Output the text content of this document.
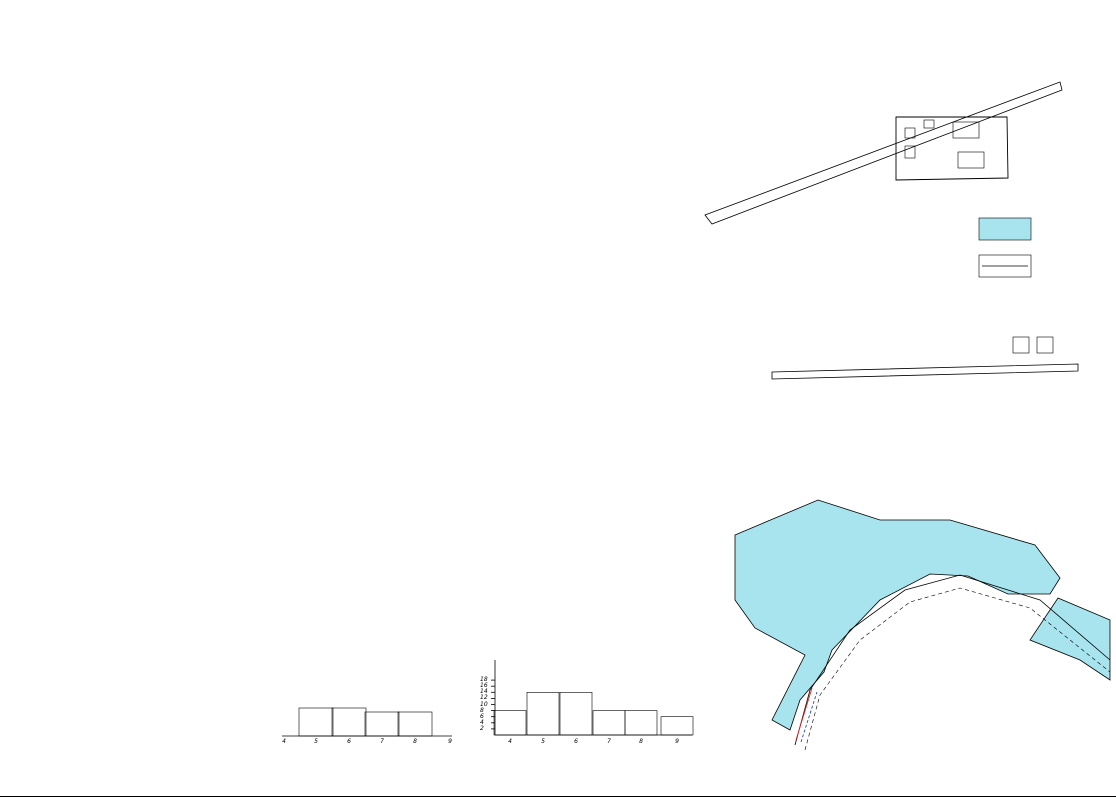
4	5	6	7	8	9
18
16
14
12
10
8
6
4
2
4	5	6	7	8	9
